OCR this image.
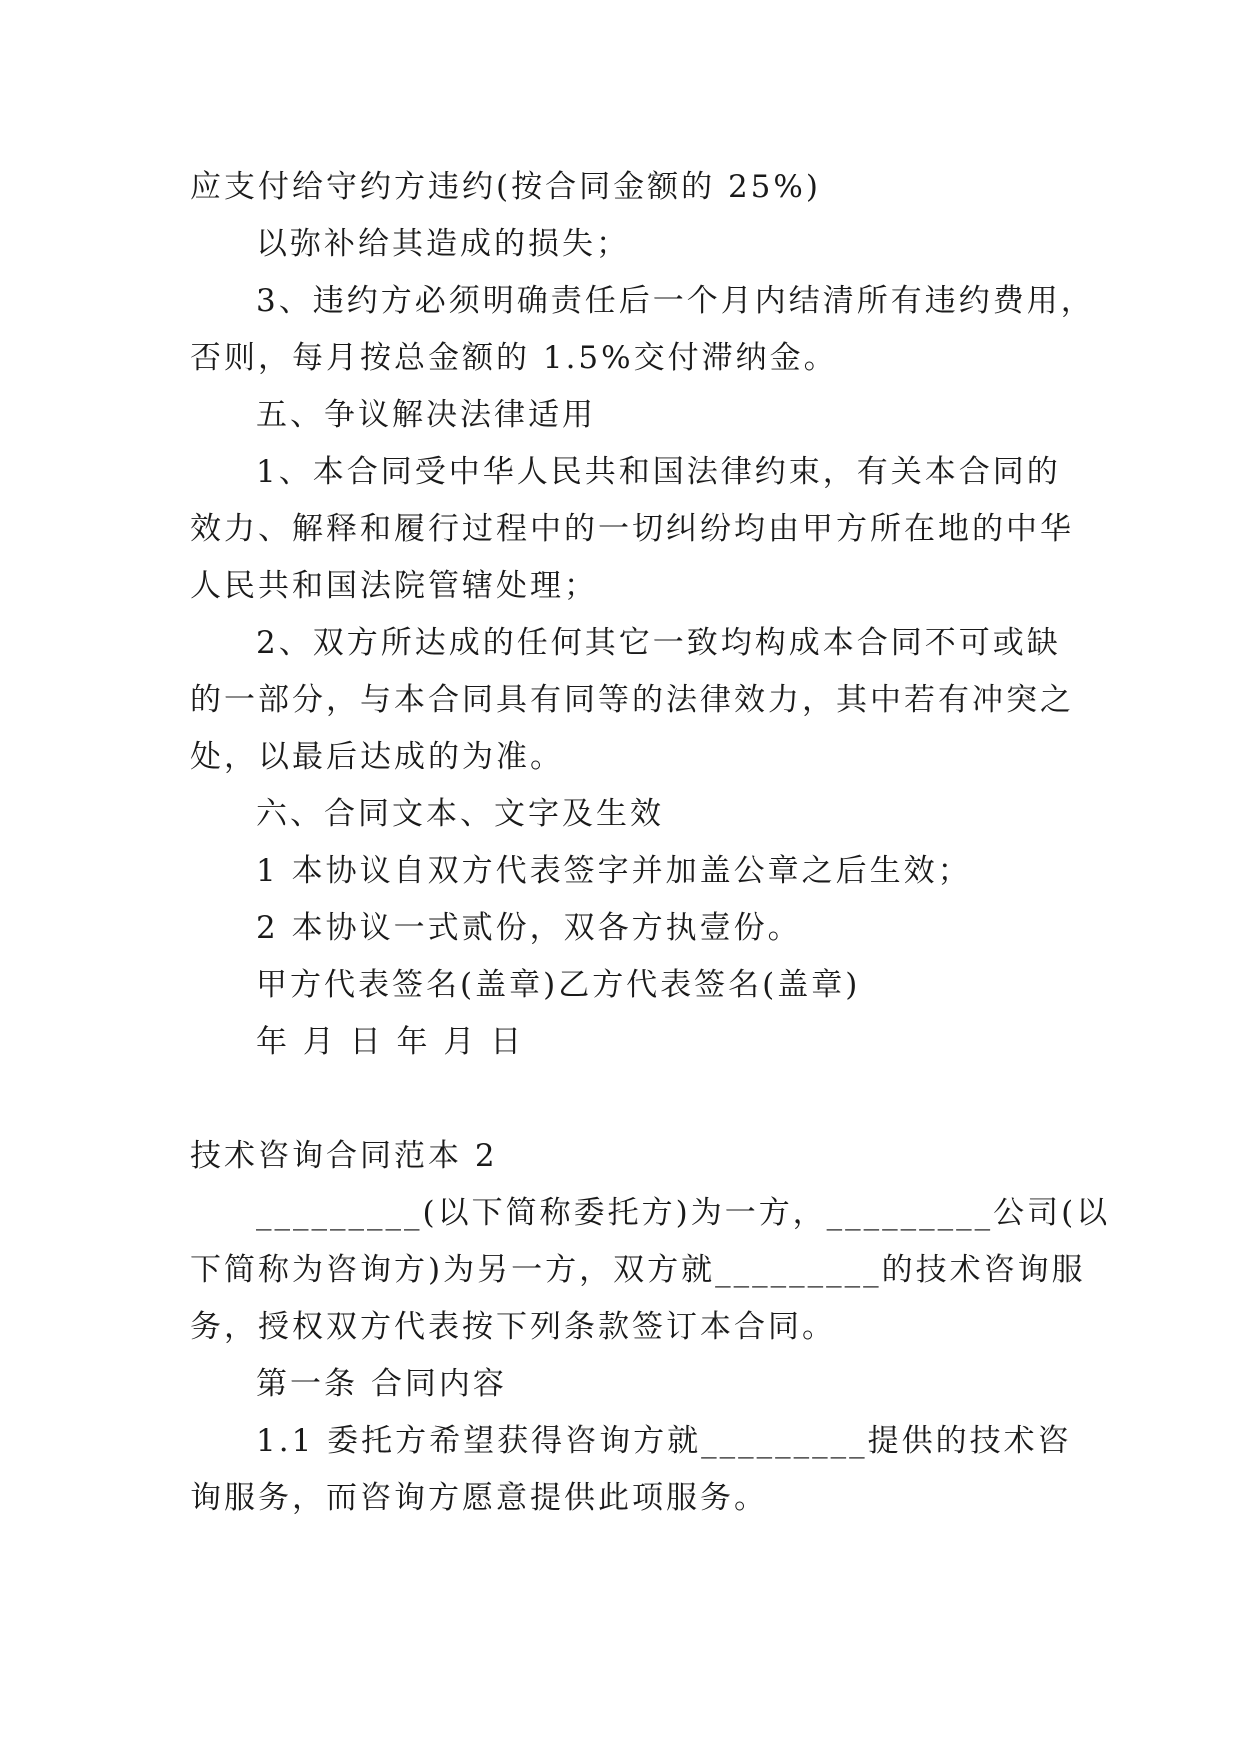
应支付给守约方违约(按合同金额的 25%)
以弥补给其造成的损失；
3、违约方必须明确责任后一个月内结清所有违约费用，
否则，每月按总金额的 1.5%交付滞纳金。
五、争议解决法律适用
1、本合同受中华人民共和国法律约束，有关本合同的
效力、解释和履行过程中的一切纠纷均由甲方所在地的中华
人民共和国法院管辖处理；
2、双方所达成的任何其它一致均构成本合同不可或缺
的一部分，与本合同具有同等的法律效力，其中若有冲突之
处，以最后达成的为准。
六、合同文本、文字及生效
1 本协议自双方代表签字并加盖公章之后生效；
2 本协议一式贰份，双各方执壹份。
甲方代表签名(盖章)乙方代表签名(盖章)
年 月 日 年 月 日
技术咨询合同范本 2
_________(以下简称委托方)为一方，_________公司(以
下简称为咨询方)为另一方，双方就_________的技术咨询服
务，授权双方代表按下列条款签订本合同。
第一条 合同内容
1.1 委托方希望获得咨询方就_________提供的技术咨
询服务，而咨询方愿意提供此项服务。
